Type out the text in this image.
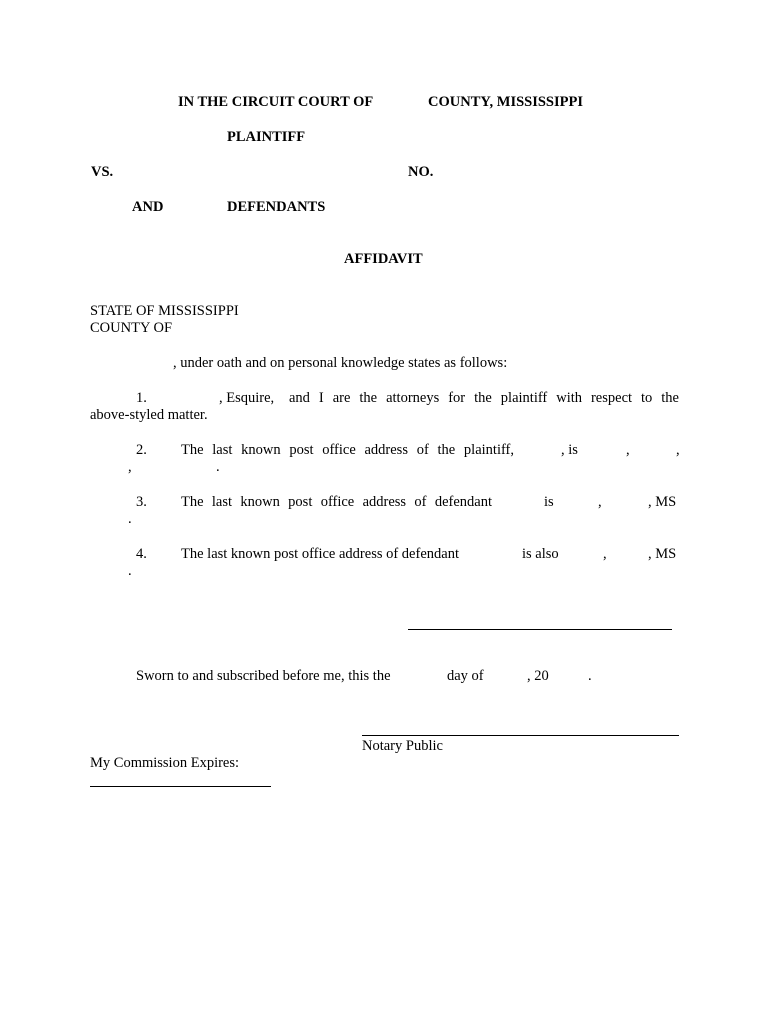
IN THE CIRCUIT COURT OF	COUNTY, MISSISSIPPI
PLAINTIFF
VS.	NO.
AND	DEFENDANTS
AFFIDAVIT
STATE OF MISSISSIPPI
COUNTY OF
, under oath and on personal knowledge states as follows:
1.	, Esquire, and I are the attorneys for the plaintiff with respect to the
above-styled matter.
2. The last known post office address of the plaintiff,	, is	,	,
,	.
3. The last known post office address of defendant	is	,	, MS
.
4. The last known post office address of defendant	is also	,	, MS
.
Sworn to and subscribed before me, this the	day of	, 20	.
Notary Public
My Commission Expires:
